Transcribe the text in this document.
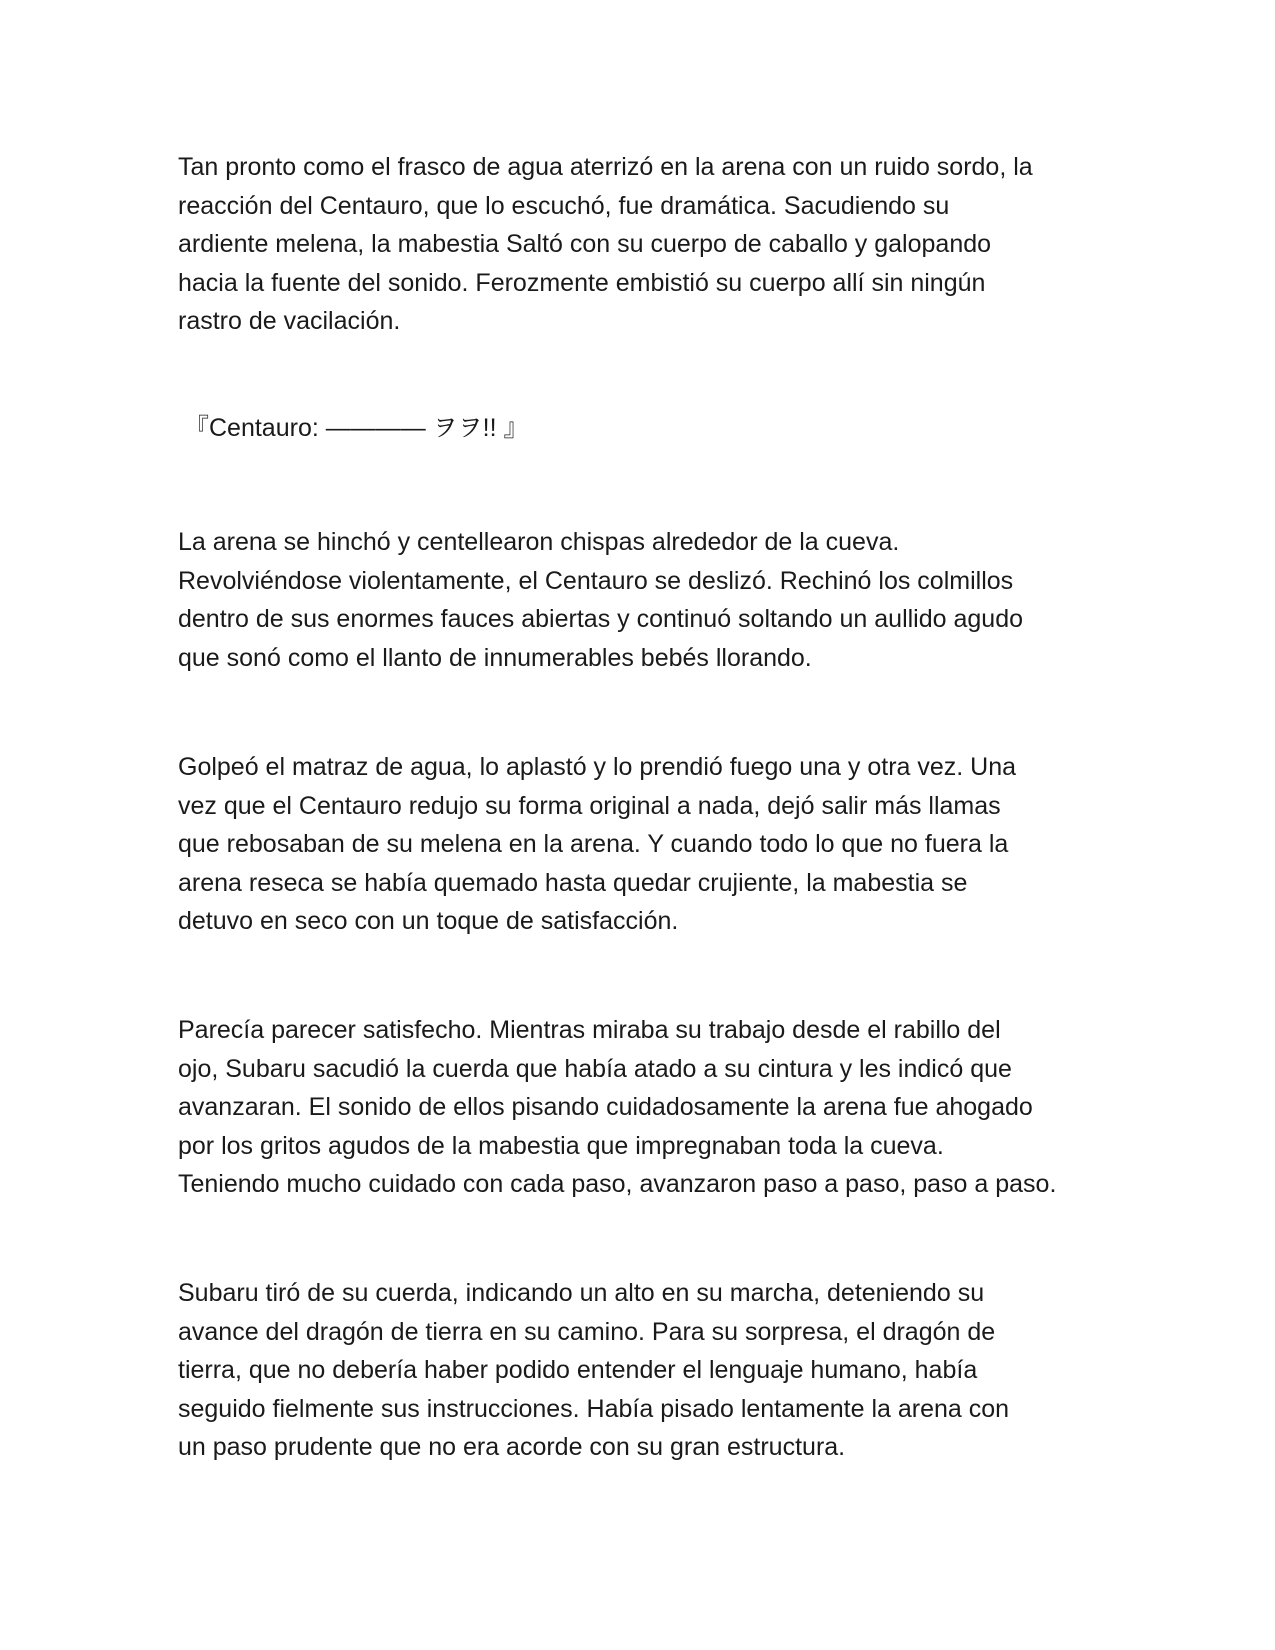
Tan pronto como el frasco de agua aterrizó en la arena con un ruido sordo, la
reacción del Centauro, que lo escuchó, fue dramática. Sacudiendo su
ardiente melena, la mabestia Saltó con su cuerpo de caballo y galopando
hacia la fuente del sonido. Ferozmente embistió su cuerpo allí sin ningún
rastro de vacilación.

『Centauro: ———— ヲヲ!! 』

La arena se hinchó y centellearon chispas alrededor de la cueva.
Revolviéndose violentamente, el Centauro se deslizó. Rechinó los colmillos
dentro de sus enormes fauces abiertas y continuó soltando un aullido agudo
que sonó como el llanto de innumerables bebés llorando.

Golpeó el matraz de agua, lo aplastó y lo prendió fuego una y otra vez. Una
vez que el Centauro redujo su forma original a nada, dejó salir más llamas
que rebosaban de su melena en la arena. Y cuando todo lo que no fuera la
arena reseca se había quemado hasta quedar crujiente, la mabestia se
detuvo en seco con un toque de satisfacción.

Parecía parecer satisfecho. Mientras miraba su trabajo desde el rabillo del
ojo, Subaru sacudió la cuerda que había atado a su cintura y les indicó que
avanzaran. El sonido de ellos pisando cuidadosamente la arena fue ahogado
por los gritos agudos de la mabestia que impregnaban toda la cueva.
Teniendo mucho cuidado con cada paso, avanzaron paso a paso, paso a paso.

Subaru tiró de su cuerda, indicando un alto en su marcha, deteniendo su
avance del dragón de tierra en su camino. Para su sorpresa, el dragón de
tierra, que no debería haber podido entender el lenguaje humano, había
seguido fielmente sus instrucciones. Había pisado lentamente la arena con
un paso prudente que no era acorde con su gran estructura.
